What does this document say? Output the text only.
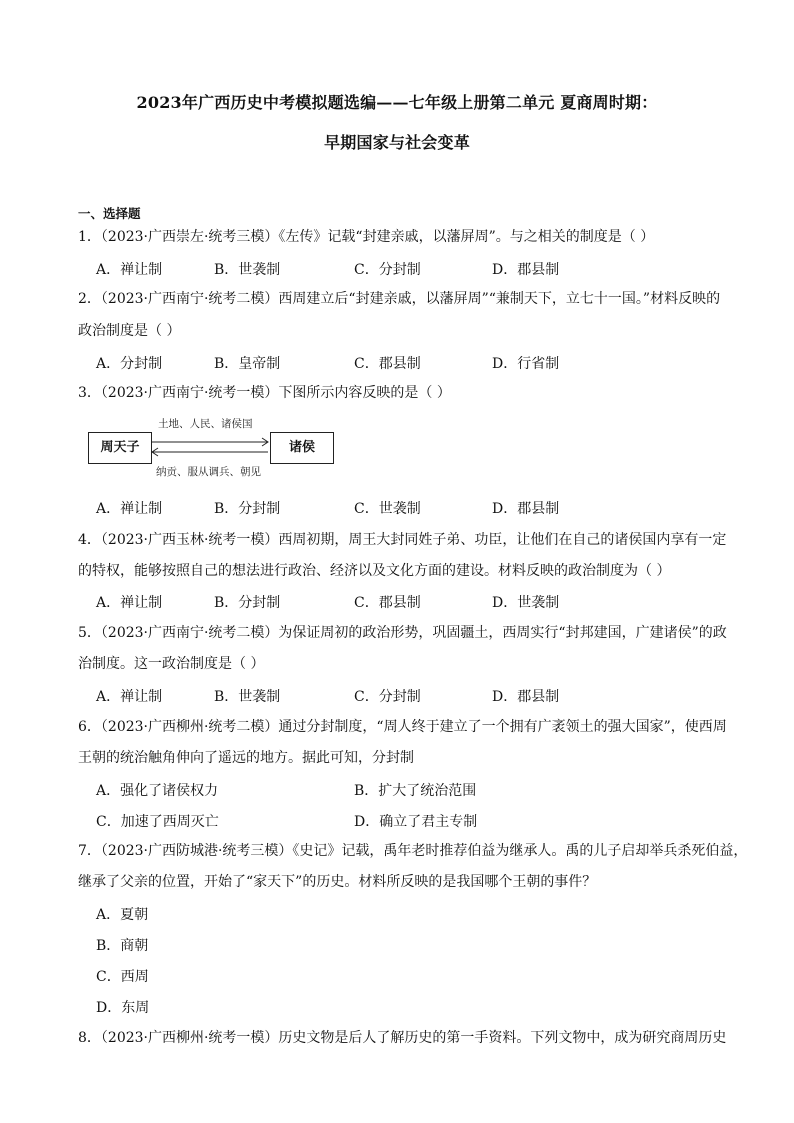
2023年广西历史中考模拟题选编——七年级上册第二单元 夏商周时期：
早期国家与社会变革
一、选择题
1．（2023·广西崇左·统考三模）《左传》记载“封建亲戚，以藩屏周”。与之相关的制度是（ ）
A．禅让制	B．世袭制	C．分封制	D．郡县制
2．（2023·广西南宁·统考二模）西周建立后“封建亲戚，以藩屏周”“兼制天下，立七十一国。”材料反映的
政治制度是（ ）
A．分封制	B．皇帝制	C．郡县制	D．行省制
3．（2023·广西南宁·统考一模）下图所示内容反映的是（ ）
周天子	诸侯
土地、人民、诸侯国
纳贡、服从调兵、朝见
A．禅让制	B．分封制	C．世袭制	D．郡县制
4．（2023·广西玉林·统考一模）西周初期，周王大封同姓子弟、功臣，让他们在自己的诸侯国内享有一定
的特权，能够按照自己的想法进行政治、经济以及文化方面的建设。材料反映的政治制度为（ ）
A．禅让制	B．分封制	C．郡县制	D．世袭制
5．（2023·广西南宁·统考二模）为保证周初的政治形势，巩固疆土，西周实行“封邦建国，广建诸侯”的政
治制度。这一政治制度是（ ）
A．禅让制	B．世袭制	C．分封制	D．郡县制
6．（2023·广西柳州·统考二模）通过分封制度，“周人终于建立了一个拥有广袤领土的强大国家”，使西周
王朝的统治触角伸向了遥远的地方。据此可知，分封制
A．强化了诸侯权力	B．扩大了统治范围
C．加速了西周灭亡	D．确立了君主专制
7．（2023·广西防城港·统考三模）《史记》记载，禹年老时推荐伯益为继承人。禹的儿子启却举兵杀死伯益，
继承了父亲的位置，开始了“家天下”的历史。材料所反映的是我国哪个王朝的事件？
A．夏朝
B．商朝
C．西周
D．东周
8．（2023·广西柳州·统考一模）历史文物是后人了解历史的第一手资料。下列文物中，成为研究商周历史
